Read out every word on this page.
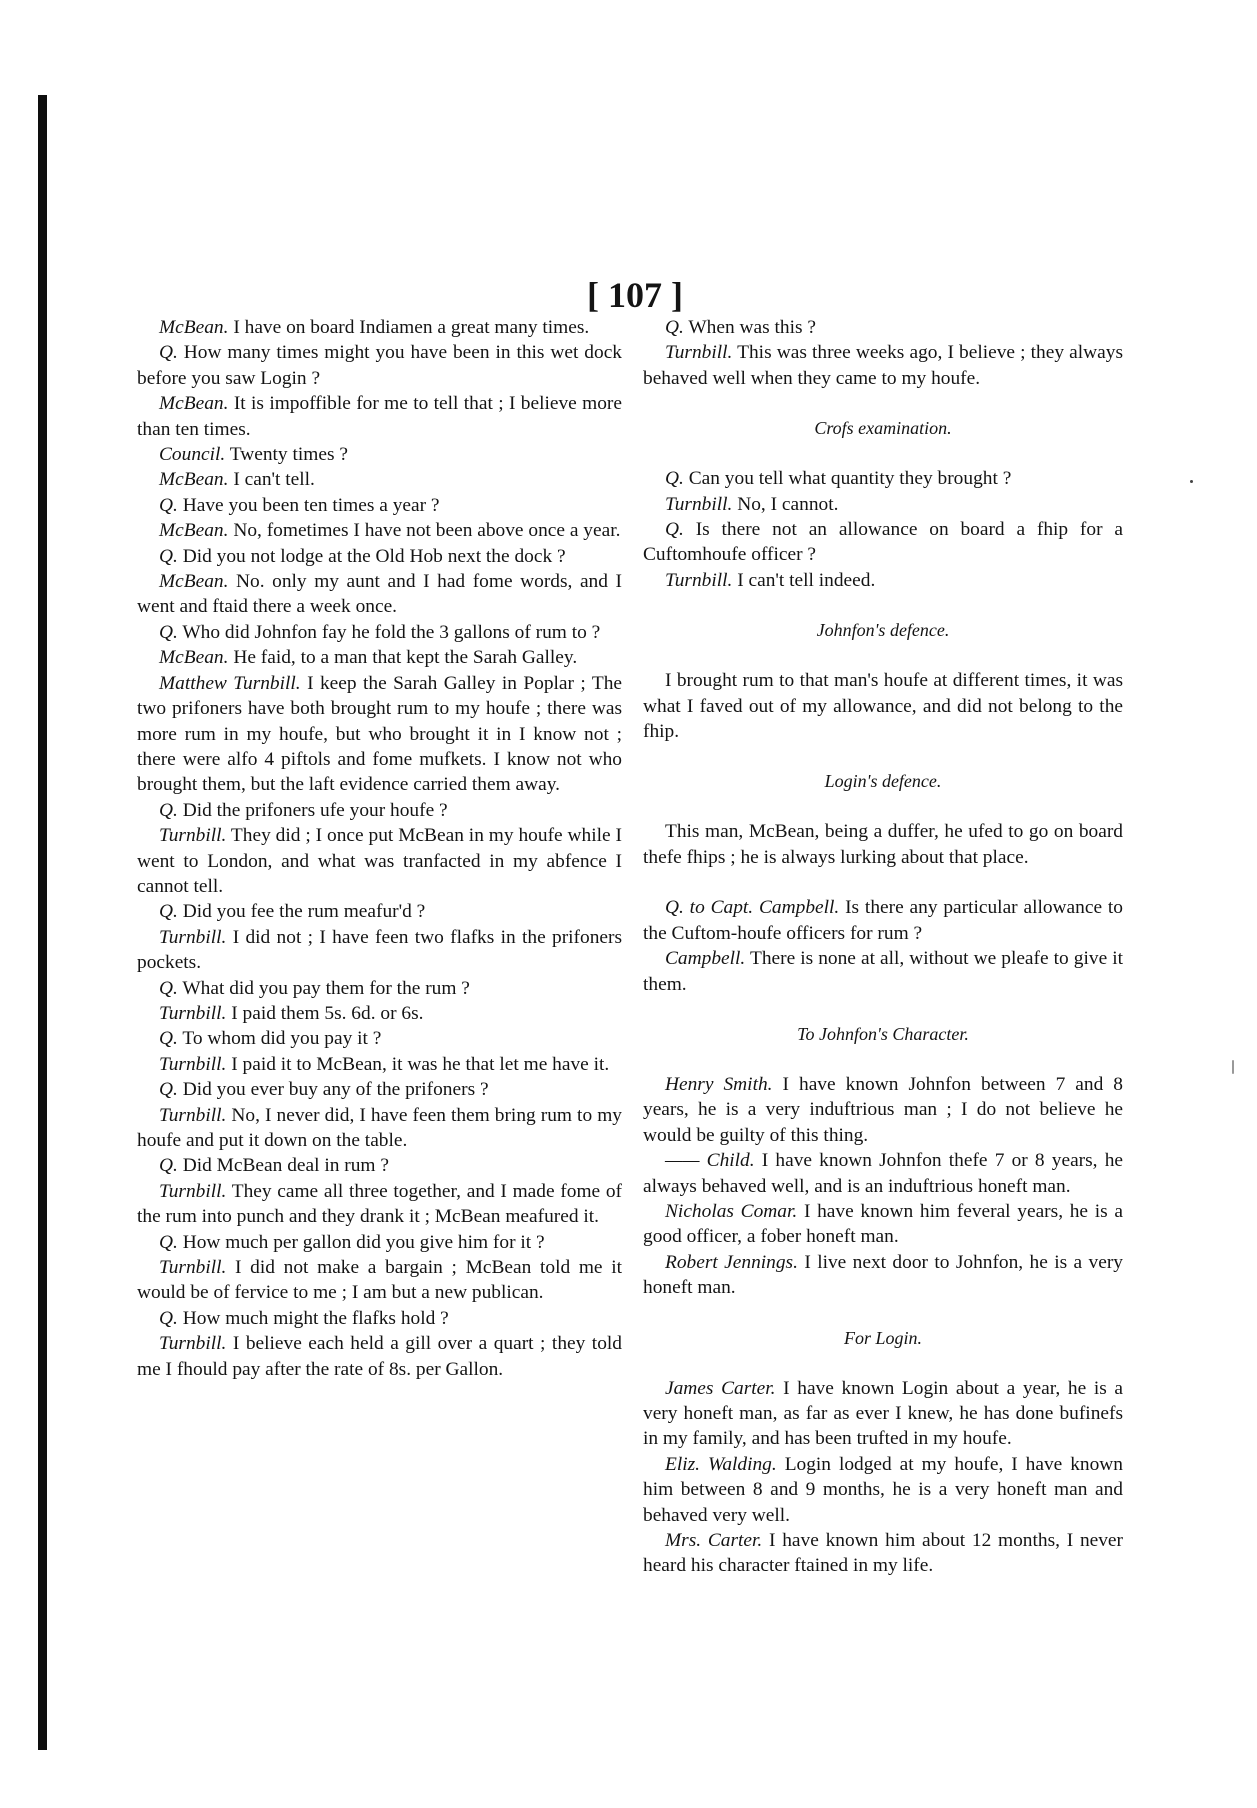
[ 107 ]

McBean. I have on board Indiamen a great many times.

Q. How many times might you have been in this wet dock before you saw Login ?

McBean. It is impoffible for me to tell that ; I believe more than ten times.

Council. Twenty times ?

McBean. I can't tell.

Q. Have you been ten times a year ?

McBean. No, fometimes I have not been above once a year.

Q. Did you not lodge at the Old Hob next the dock ?

McBean. No. only my aunt and I had fome words, and I went and ftaid there a week once.

Q. Who did Johnfon fay he fold the 3 gallons of rum to ?

McBean. He faid, to a man that kept the Sarah Galley.

Matthew Turnbill. I keep the Sarah Galley in Poplar ; The two prifoners have both brought rum to my houfe ; there was more rum in my houfe, but who brought it in I know not ; there were alfo 4 piftols and fome mufkets. I know not who brought them, but the laft evidence carried them away.

Q. Did the prifoners ufe your houfe ?

Turnbill. They did ; I once put McBean in my houfe while I went to London, and what was tranfacted in my abfence I cannot tell.

Q. Did you fee the rum meafur'd ?

Turnbill. I did not ; I have feen two flafks in the prifoners pockets.

Q. What did you pay them for the rum ?

Turnbill. I paid them 5s. 6d. or 6s.

Q. To whom did you pay it ?

Turnbill. I paid it to McBean, it was he that let me have it.

Q. Did you ever buy any of the prifoners ?

Turnbill. No, I never did, I have feen them bring rum to my houfe and put it down on the table.

Q. Did McBean deal in rum ?

Turnbill. They came all three together, and I made fome of the rum into punch and they drank it ; McBean meafured it.

Q. How much per gallon did you give him for it ?

Turnbill. I did not make a bargain ; McBean told me it would be of fervice to me ; I am but a new publican.

Q. How much might the flafks hold ?

Turnbill. I believe each held a gill over a quart ; they told me I fhould pay after the rate of 8s. per Gallon.

Q. When was this ?

Turnbill. This was three weeks ago, I believe ; they always behaved well when they came to my houfe.

Crofs examination.

Q. Can you tell what quantity they brought ?

Turnbill. No, I cannot.

Q. Is there not an allowance on board a fhip for a Cuftomhoufe officer ?

Turnbill. I can't tell indeed.

Johnfon's defence.

I brought rum to that man's houfe at different times, it was what I faved out of my allowance, and did not belong to the fhip.

Login's defence.

This man, McBean, being a duffer, he ufed to go on board thefe fhips ; he is always lurking about that place.

Q. to Capt. Campbell. Is there any particular allowance to the Cuftom-houfe officers for rum ?

Campbell. There is none at all, without we pleafe to give it them.

To Johnfon's Character.

Henry Smith. I have known Johnfon between 7 and 8 years, he is a very induftrious man ; I do not believe he would be guilty of this thing.

—— Child. I have known Johnfon thefe 7 or 8 years, he always behaved well, and is an induftrious honeft man.

Nicholas Comar. I have known him feveral years, he is a good officer, a fober honeft man.

Robert Jennings. I live next door to Johnfon, he is a very honeft man.

For Login.

James Carter. I have known Login about a year, he is a very honeft man, as far as ever I knew, he has done bufinefs in my family, and has been trufted in my houfe.

Eliz. Walding. Login lodged at my houfe, I have known him between 8 and 9 months, he is a very honeft man and behaved very well.

Mrs. Carter. I have known him about 12 months, I never heard his character ftained in my life.
